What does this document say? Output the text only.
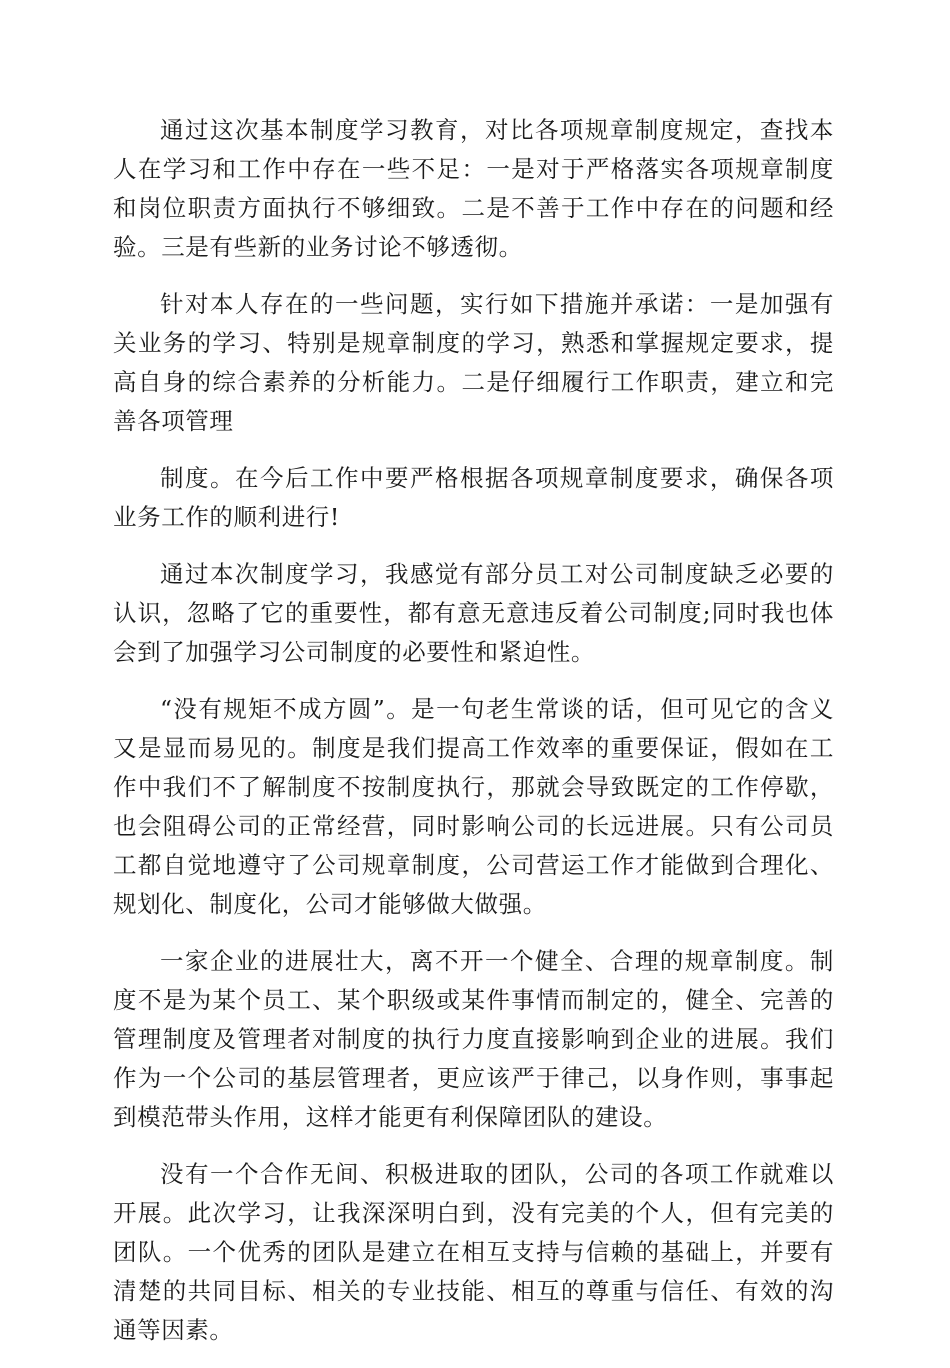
通过这次基本制度学习教育，对比各项规章制度规定，查找本人在学习和工作中存在一些不足：一是对于严格落实各项规章制度和岗位职责方面执行不够细致。二是不善于工作中存在的问题和经验。三是有些新的业务讨论不够透彻。

针对本人存在的一些问题，实行如下措施并承诺：一是加强有关业务的学习、特别是规章制度的学习，熟悉和掌握规定要求，提高自身的综合素养的分析能力。二是仔细履行工作职责，建立和完善各项管理

制度。在今后工作中要严格根据各项规章制度要求，确保各项业务工作的顺利进行!

通过本次制度学习，我感觉有部分员工对公司制度缺乏必要的认识，忽略了它的重要性，都有意无意违反着公司制度;同时我也体会到了加强学习公司制度的必要性和紧迫性。

“没有规矩不成方圆”。是一句老生常谈的话，但可见它的含义又是显而易见的。制度是我们提高工作效率的重要保证，假如在工作中我们不了解制度不按制度执行，那就会导致既定的工作停歇，也会阻碍公司的正常经营，同时影响公司的长远进展。只有公司员工都自觉地遵守了公司规章制度，公司营运工作才能做到合理化、规划化、制度化，公司才能够做大做强。

一家企业的进展壮大，离不开一个健全、合理的规章制度。制度不是为某个员工、某个职级或某件事情而制定的，健全、完善的管理制度及管理者对制度的执行力度直接影响到企业的进展。我们作为一个公司的基层管理者，更应该严于律己，以身作则，事事起到模范带头作用，这样才能更有利保障团队的建设。

没有一个合作无间、积极进取的团队，公司的各项工作就难以开展。此次学习，让我深深明白到，没有完美的个人，但有完美的团队。一个优秀的团队是建立在相互支持与信赖的基础上，并要有清楚的共同目标、相关的专业技能、相互的尊重与信任、有效的沟通等因素。
